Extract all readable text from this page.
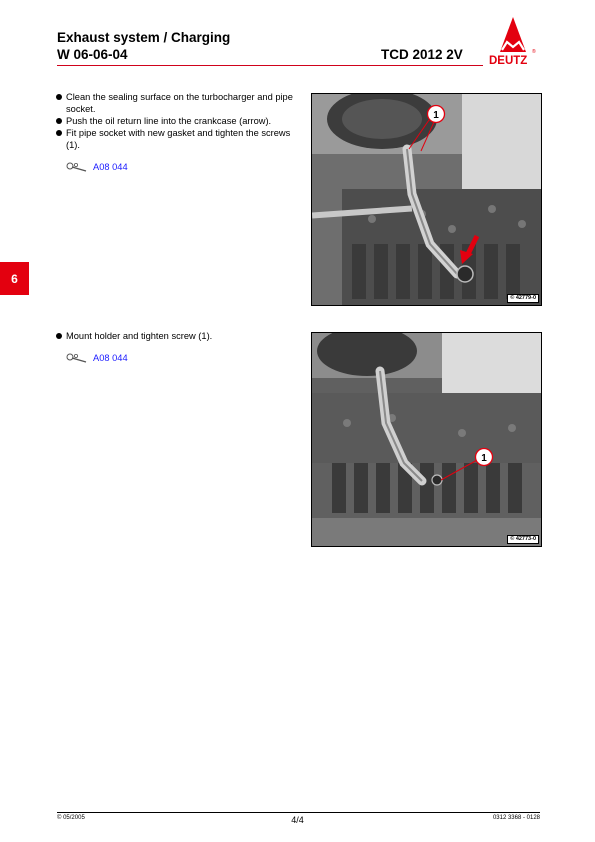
Exhaust system / Charging
W 06-06-04	TCD 2012 2V DEUTZ
®
6
Clean the sealing surface on the turbocharger and pipe socket.
Push the oil return line into the crankcase (arrow).
Fit pipe socket with new gasket and tighten the screws (1).
A08 044
1
© 42779-0
Mount holder and tighten screw (1).
A08 044
1
© 42773-0
© 05/2005	4/4	0312 3368 - 0128
